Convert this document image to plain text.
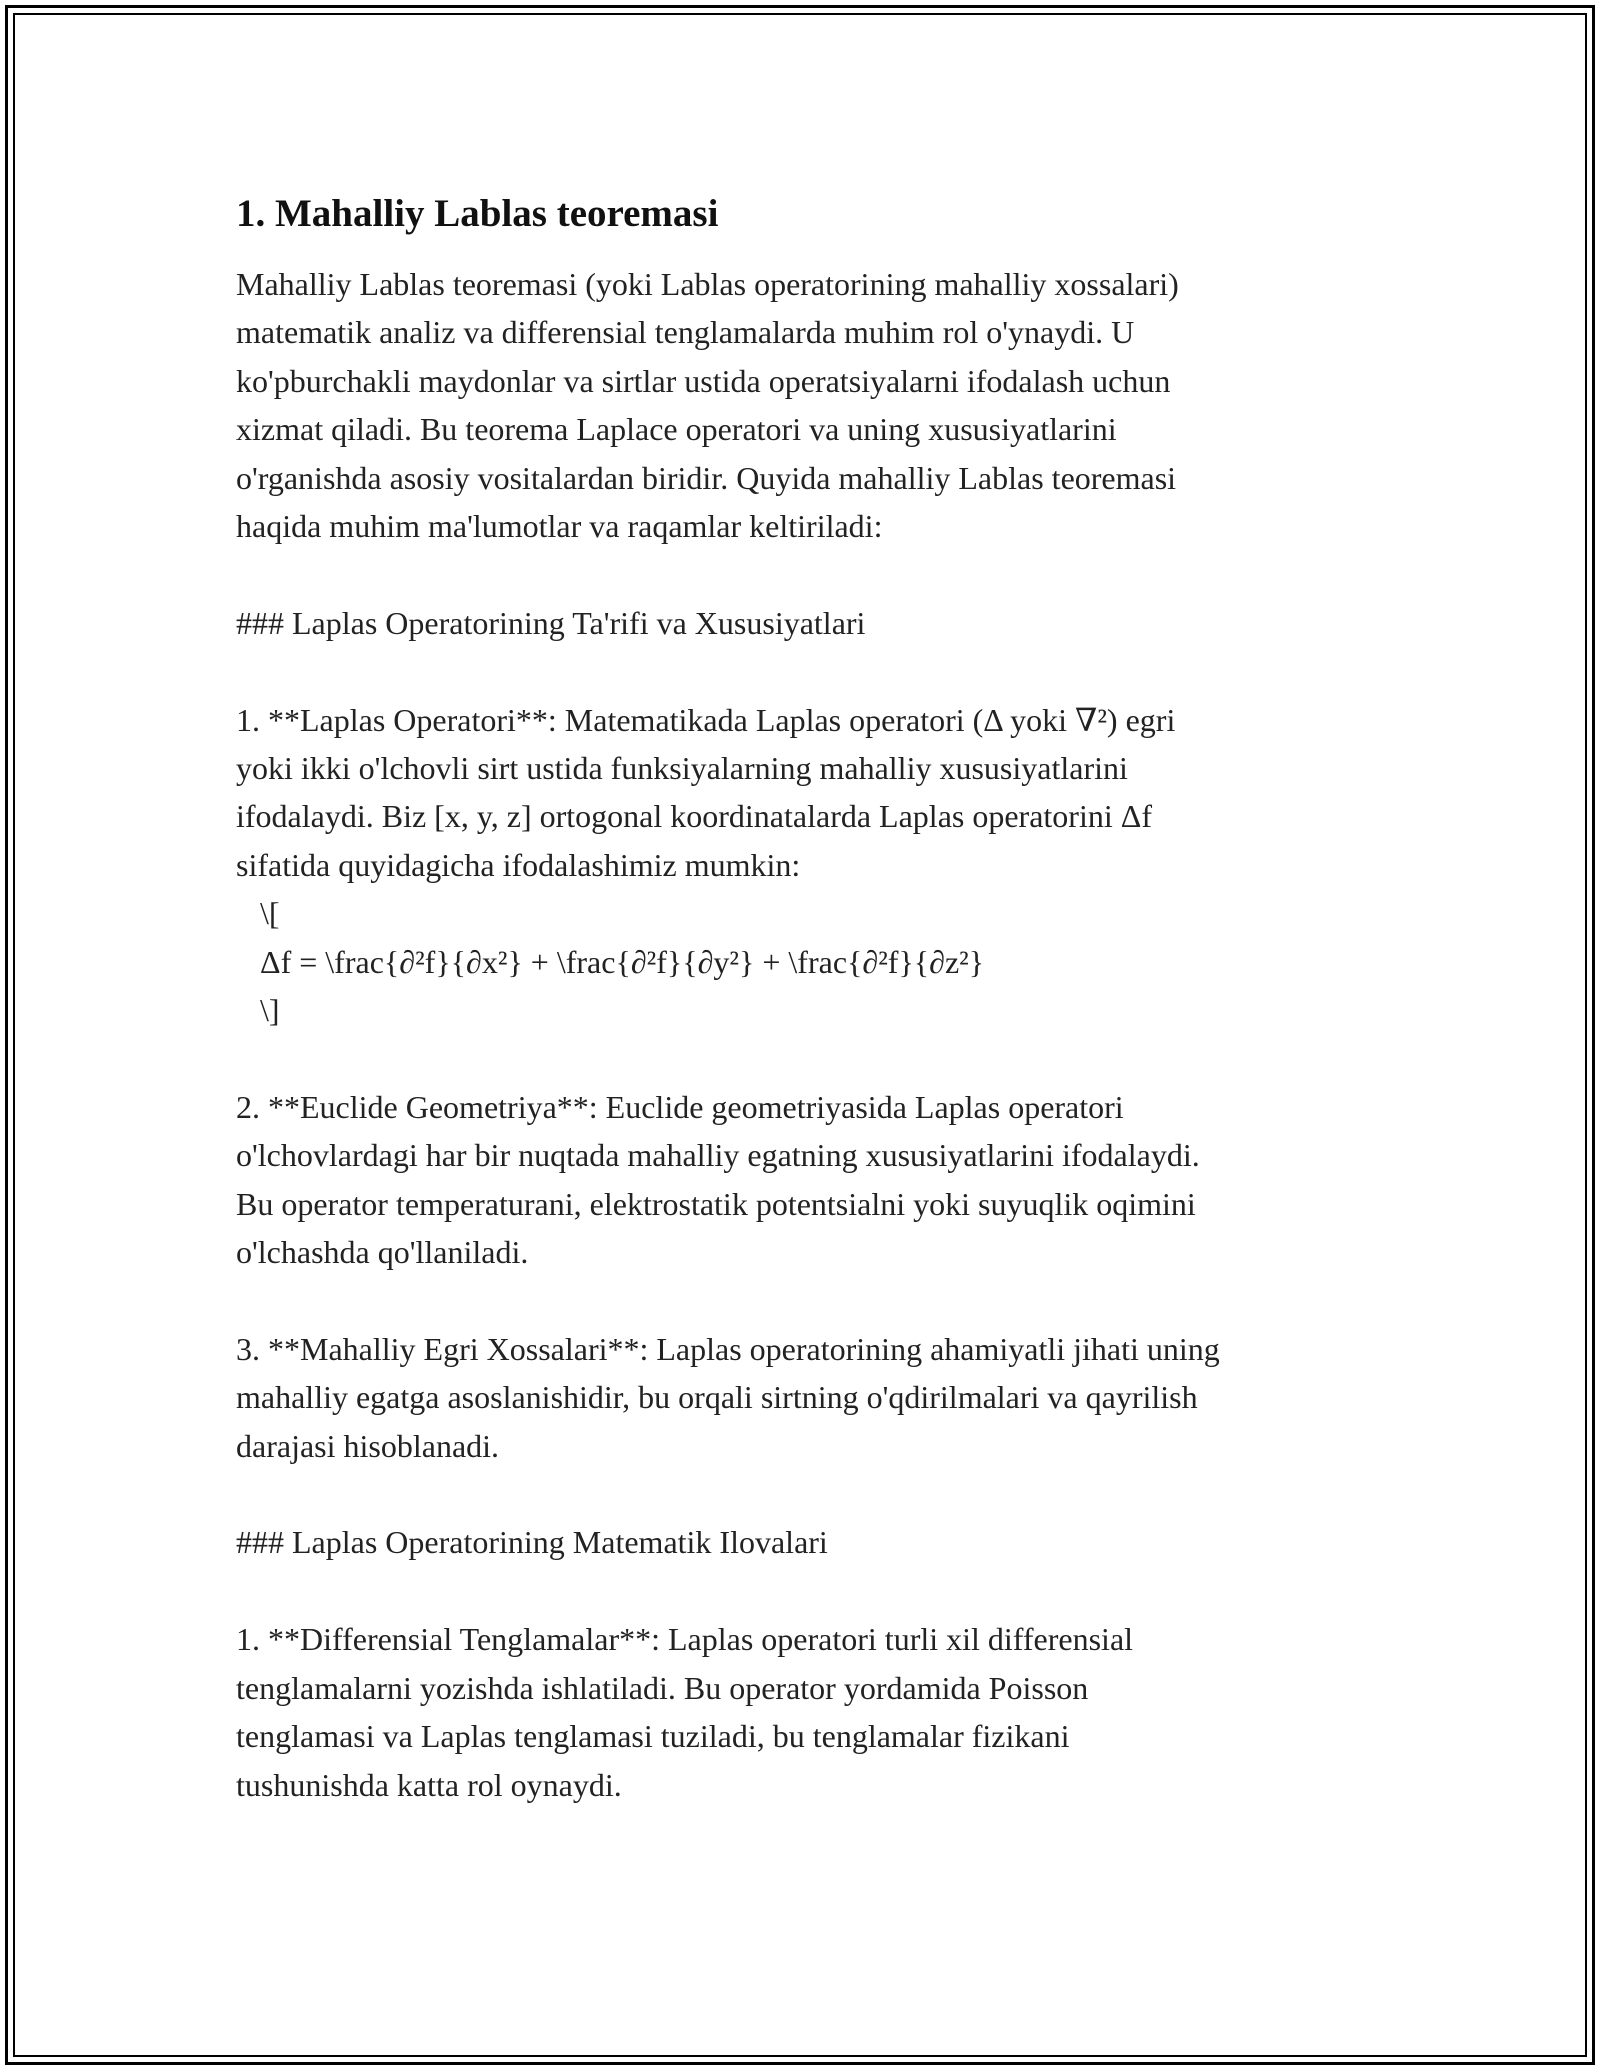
1. Mahalliy Lablas teoremasi

Mahalliy Lablas teoremasi (yoki Lablas operatorining mahalliy xossalari)
matematik analiz va differensial tenglamalarda muhim rol o'ynaydi. U
ko'pburchakli maydonlar va sirtlar ustida operatsiyalarni ifodalash uchun
xizmat qiladi. Bu teorema Laplace operatori va uning xususiyatlarini
o'rganishda asosiy vositalardan biridir. Quyida mahalliy Lablas teoremasi
haqida muhim ma'lumotlar va raqamlar keltiriladi:

### Laplas Operatorining Ta'rifi va Xususiyatlari

1. **Laplas Operatori**: Matematikada Laplas operatori (Δ yoki ∇²) egri
yoki ikki o'lchovli sirt ustida funksiyalarning mahalliy xususiyatlarini
ifodalaydi. Biz [x, y, z] ortogonal koordinatalarda Laplas operatorini Δf
sifatida quyidagicha ifodalashimiz mumkin:
\[
Δf = \frac{∂²f}{∂x²} + \frac{∂²f}{∂y²} + \frac{∂²f}{∂z²}
\]

2. **Euclide Geometriya**: Euclide geometriyasida Laplas operatori
o'lchovlardagi har bir nuqtada mahalliy egatning xususiyatlarini ifodalaydi.
Bu operator temperaturani, elektrostatik potentsialni yoki suyuqlik oqimini
o'lchashda qo'llaniladi.

3. **Mahalliy Egri Xossalari**: Laplas operatorining ahamiyatli jihati uning
mahalliy egatga asoslanishidir, bu orqali sirtning o'qdirilmalari va qayrilish
darajasi hisoblanadi.

### Laplas Operatorining Matematik Ilovalari

1. **Differensial Tenglamalar**: Laplas operatori turli xil differensial
tenglamalarni yozishda ishlatiladi. Bu operator yordamida Poisson
tenglamasi va Laplas tenglamasi tuziladi, bu tenglamalar fizikani
tushunishda katta rol oynaydi.
